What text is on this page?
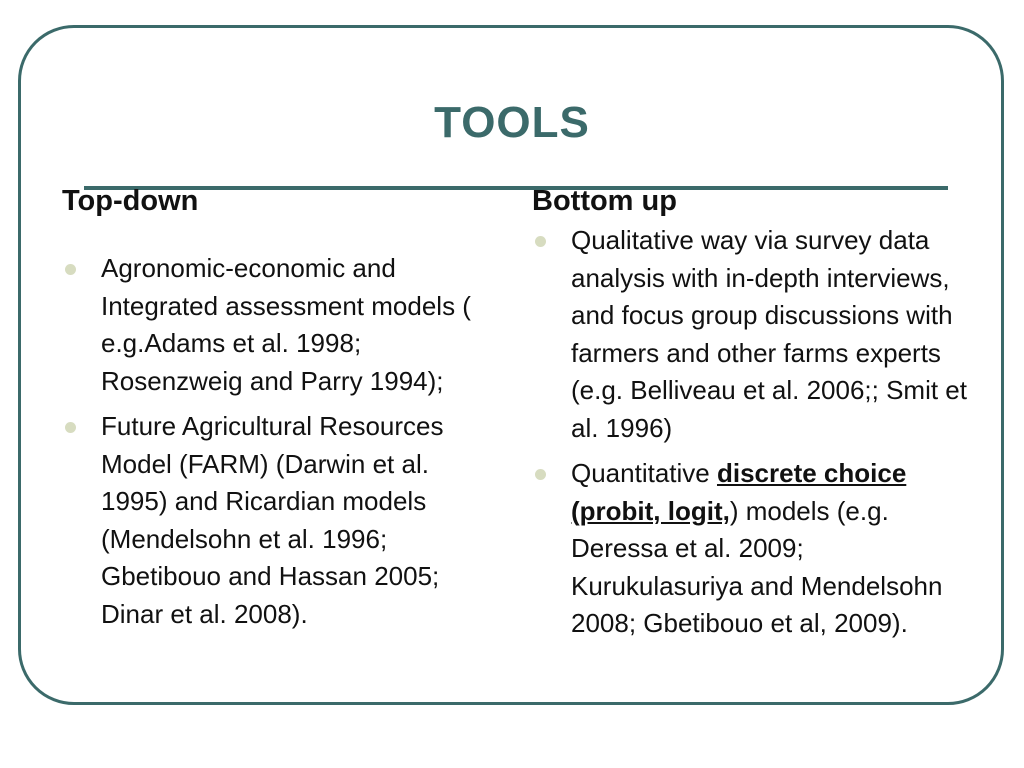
TOOLS
Top-down	Bottom up
Agronomic-economic and Integrated assessment models ( e.g.Adams et al. 1998; Rosenzweig and Parry 1994);
Future Agricultural Resources Model (FARM) (Darwin et al. 1995) and Ricardian models (Mendelsohn et al. 1996; Gbetibouo and Hassan 2005; Dinar et al. 2008).
Qualitative way via survey data analysis with in-depth interviews, and focus group discussions with farmers and other farms experts (e.g. Belliveau et al. 2006;; Smit et al. 1996)
Quantitative discrete choice (probit, logit,) models (e.g. Deressa et al. 2009; Kurukulasuriya and Mendelsohn 2008; Gbetibouo et al, 2009).
